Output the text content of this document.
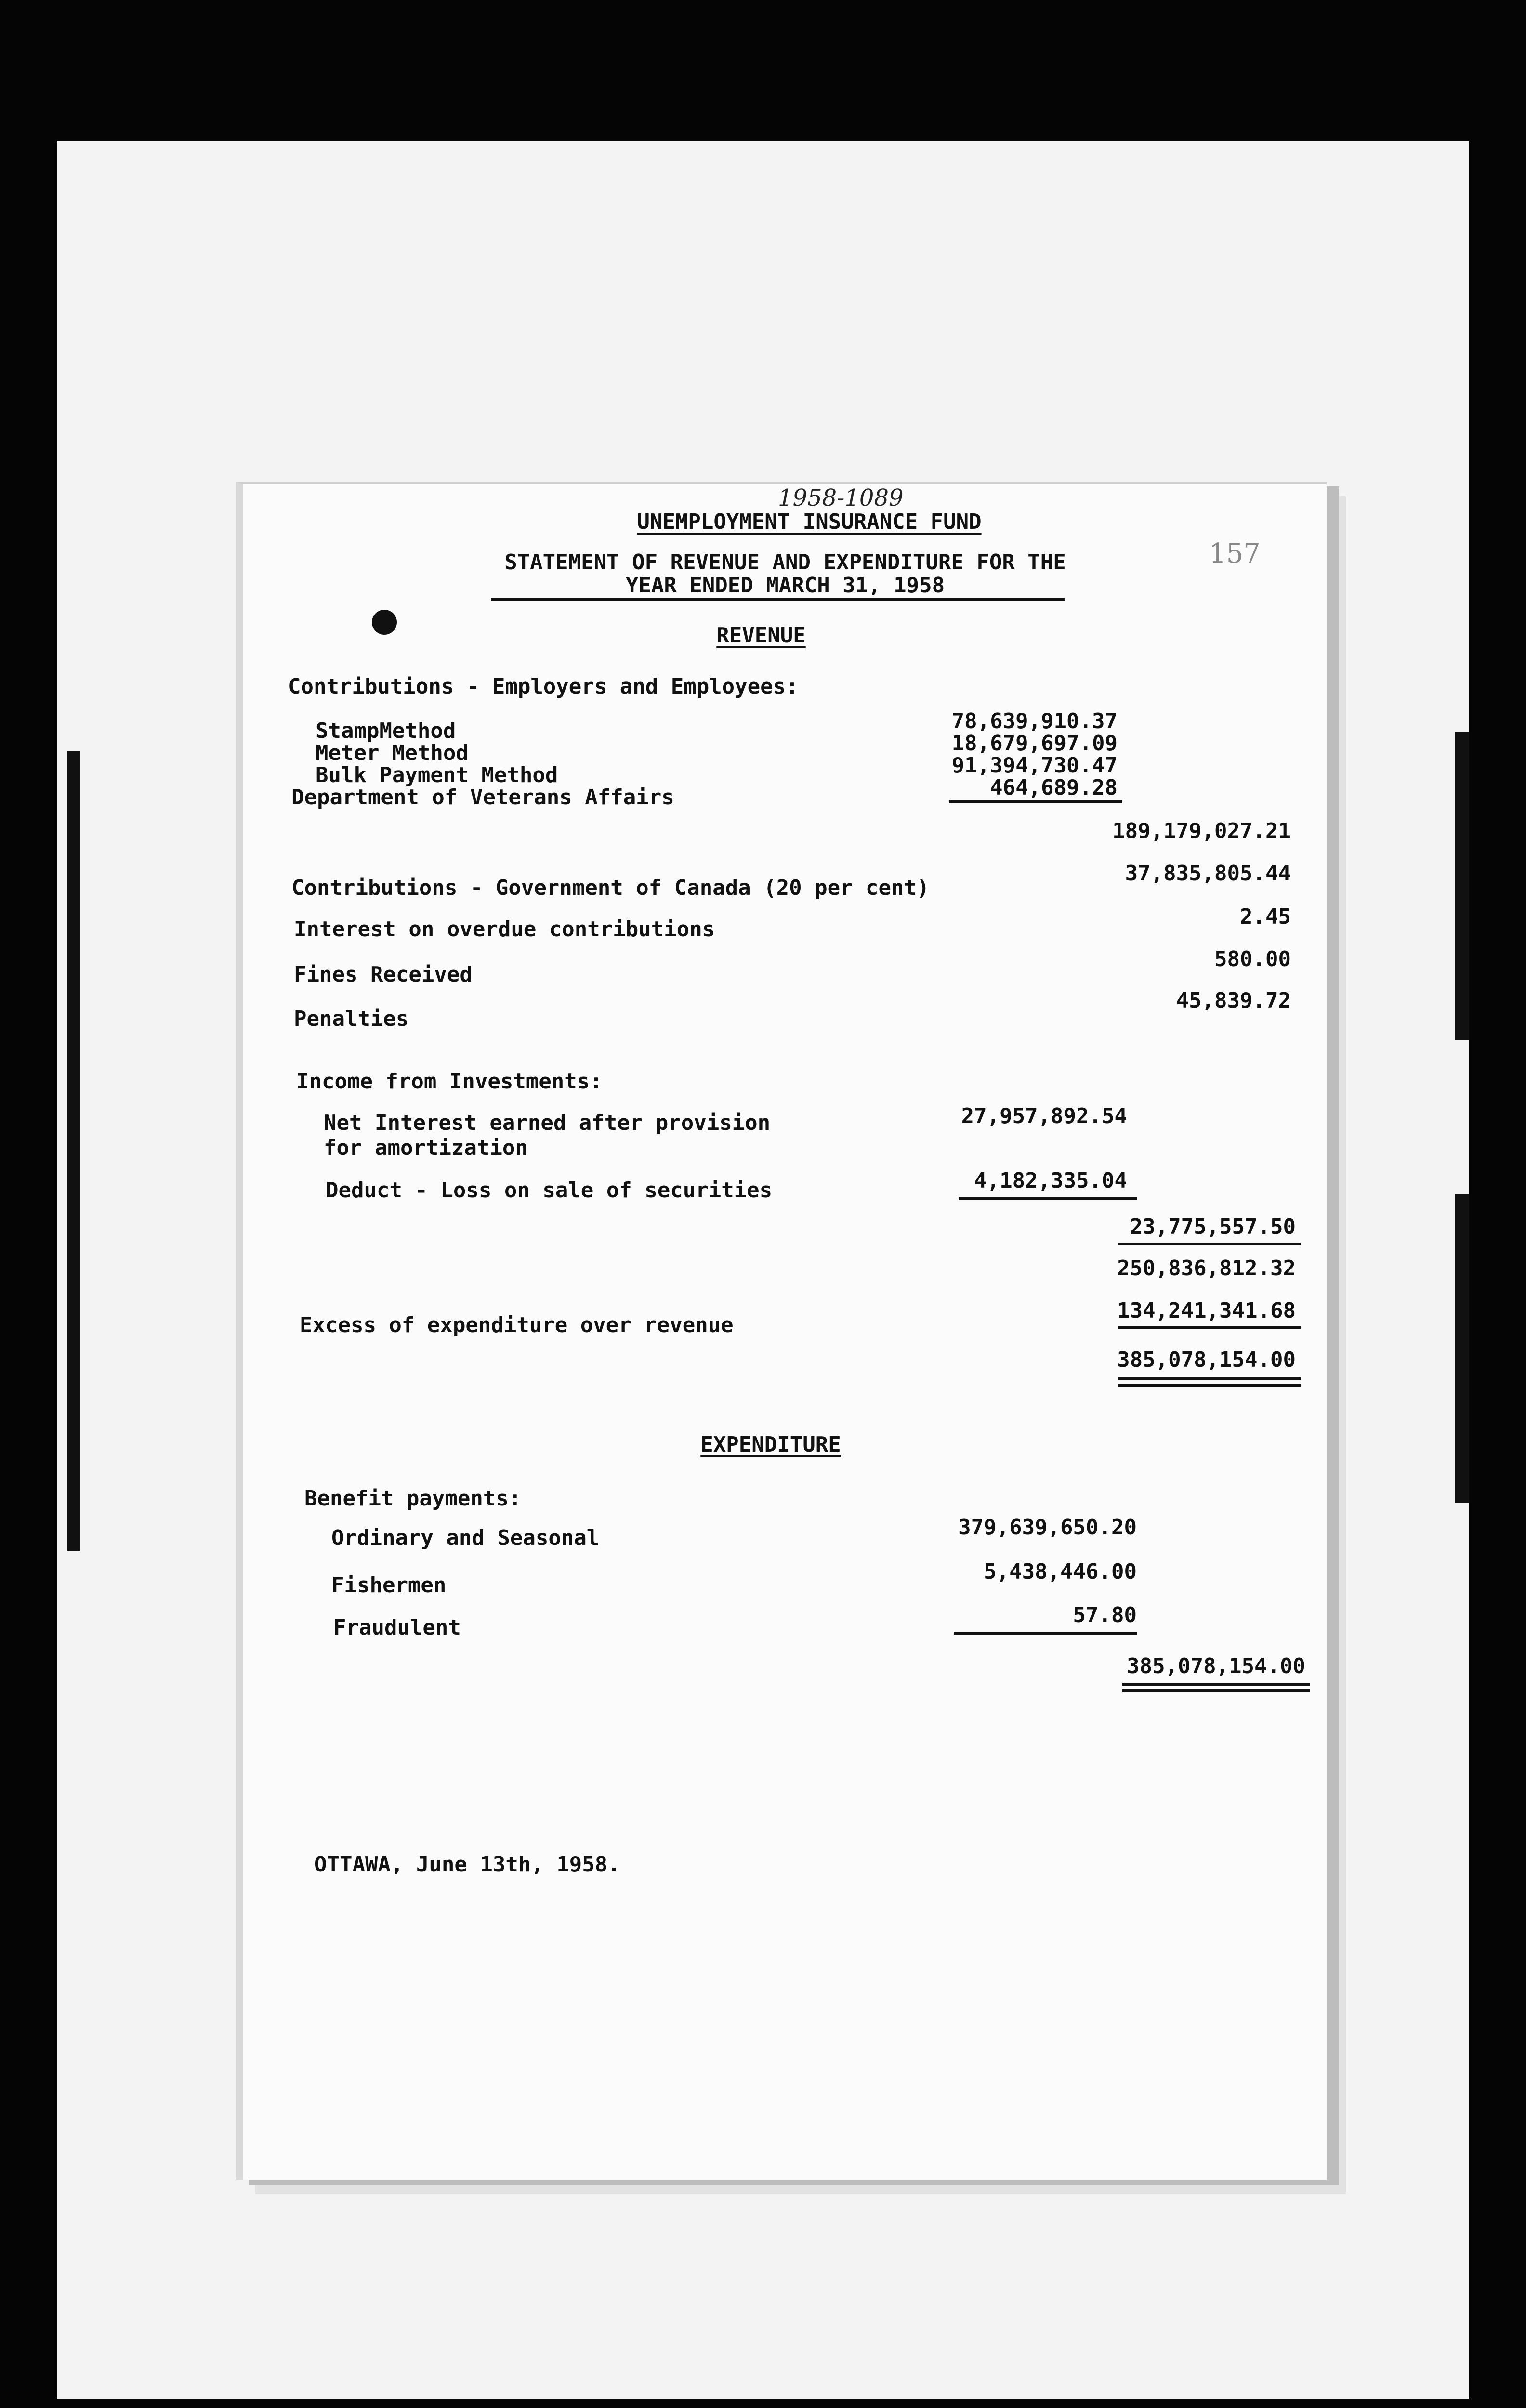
1958-1089
157
UNEMPLOYMENT INSURANCE FUND
STATEMENT OF REVENUE AND EXPENDITURE FOR THE
YEAR ENDED MARCH 31, 1958
REVENUE
Contributions - Employers and Employees:
StampMethod
Meter Method
Bulk Payment Method
Department of Veterans Affairs
78,639,910.37
18,679,697.09
91,394,730.47
464,689.28
189,179,027.21
Contributions - Government of Canada (20 per cent)
37,835,805.44
Interest on overdue contributions
2.45
Fines Received
580.00
Penalties
45,839.72
Income from Investments:
Net Interest earned after provision
for amortization
27,957,892.54
Deduct - Loss on sale of securities	4,182,335.04
23,775,557.50
250,836,812.32
Excess of expenditure over revenue
134,241,341.68
385,078,154.00
EXPENDITURE
Benefit payments:
Ordinary and Seasonal	379,639,650.20
Fishermen
5,438,446.00
Fraudulent
57.80
385,078,154.00
OTTAWA, June 13th, 1958.
